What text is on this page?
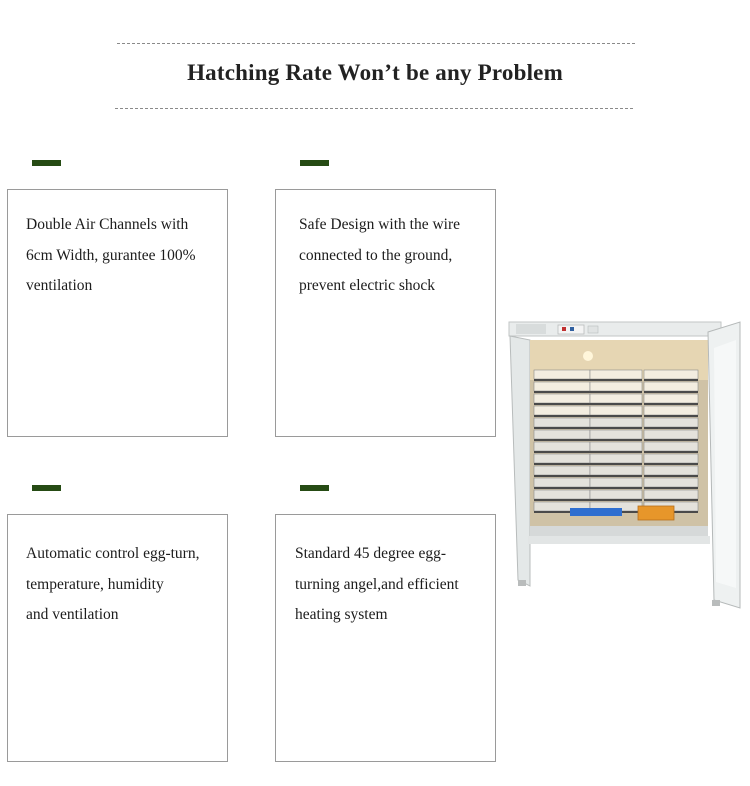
Hatching Rate Won’t be any Problem
Double Air Channels with
6cm Width, gurantee 100%
ventilation
Safe Design with the wire
connected to the ground,
prevent electric shock
Automatic control egg-turn,
temperature, humidity
and ventilation
Standard 45 degree egg-
turning angel,and efficient
heating system
